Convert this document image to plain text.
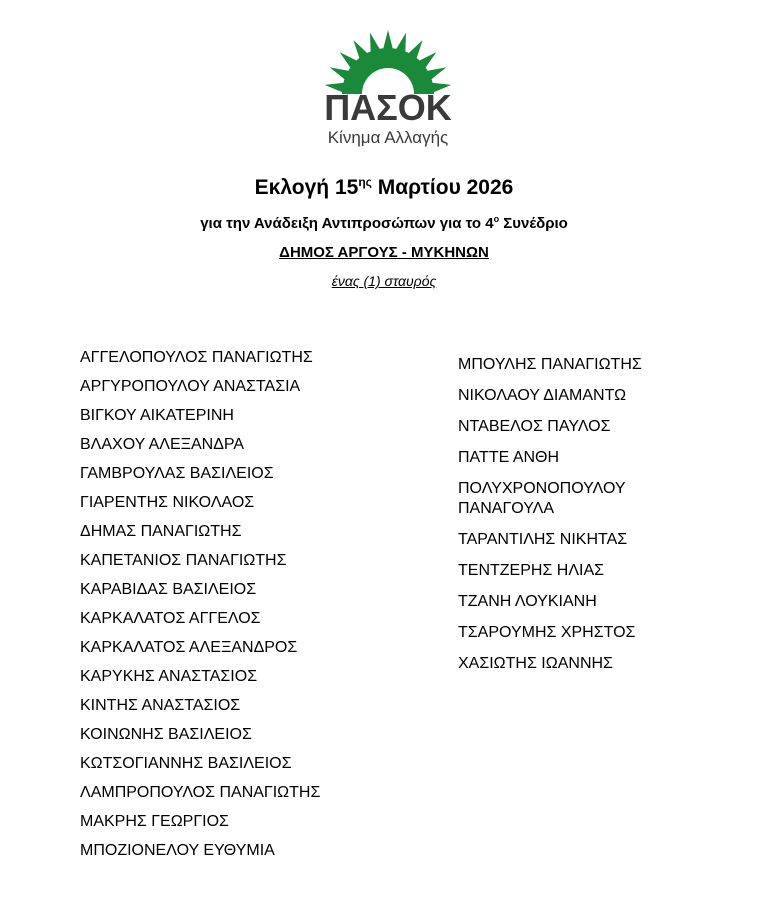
ΠΑΣΟΚ
Κίνημα Αλλαγής
Εκλογή $15^{\eta\varsigma}$ Μαρτίου 2026
για την Ανάδειξη Αντιπροσώπων για το $4^o$ Συνέδριο
ΔΗΜΟΣ ΑΡΓΟΥΣ - ΜΥΚΗΝΩΝ
ένας (1) σταυρός
ΑΓΓΕΛΟΠΟΥΛΟΣ ΠΑΝΑΓΙΩΤΗΣ
ΑΡΓΥΡΟΠΟΥΛΟΥ ΑΝΑΣΤΑΣΙΑ
ΒΙΓΚΟΥ ΑΙΚΑΤΕΡΙΝΗ
ΒΛΑΧΟΥ ΑΛΕΞΑΝΔΡΑ
ΓΑΜΒΡΟΥΛΑΣ ΒΑΣΙΛΕΙΟΣ
ΓΙΑΡΕΝΤΗΣ ΝΙΚΟΛΑΟΣ
ΔΗΜΑΣ ΠΑΝΑΓΙΩΤΗΣ
ΚΑΠΕΤΑΝΙΟΣ ΠΑΝΑΓΙΩΤΗΣ
ΚΑΡΑΒΙΔΑΣ ΒΑΣΙΛΕΙΟΣ
ΚΑΡΚΑΛΑΤΟΣ ΑΓΓΕΛΟΣ
ΚΑΡΚΑΛΑΤΟΣ ΑΛΕΞΑΝΔΡΟΣ
ΚΑΡΥΚΗΣ ΑΝΑΣΤΑΣΙΟΣ
ΚΙΝΤΗΣ ΑΝΑΣΤΑΣΙΟΣ
ΚΟΙΝΩΝΗΣ ΒΑΣΙΛΕΙΟΣ
ΚΩΤΣΟΓΙΑΝΝΗΣ ΒΑΣΙΛΕΙΟΣ
ΛΑΜΠΡΟΠΟΥΛΟΣ ΠΑΝΑΓΙΩΤΗΣ
ΜΑΚΡΗΣ ΓΕΩΡΓΙΟΣ
ΜΠΟΖΙΟΝΕΛΟΥ ΕΥΘΥΜΙΑ
ΜΠΟΥΛΗΣ ΠΑΝΑΓΙΩΤΗΣ
ΝΙΚΟΛΑΟΥ ΔΙΑΜΑΝΤΩ
ΝΤΑΒΕΛΟΣ ΠΑΥΛΟΣ
ΠΑΤΤΕ ΑΝΘΗ
ΠΟΛΥΧΡΟΝΟΠΟΥΛΟΥ ΠΑΝΑΓΟΥΛΑ
ΤΑΡΑΝΤΙΛΗΣ ΝΙΚΗΤΑΣ
ΤΕΝΤΖΕΡΗΣ ΗΛΙΑΣ
ΤΖΑΝΗ ΛΟΥΚΙΑΝΗ
ΤΣΑΡΟΥΜΗΣ ΧΡΗΣΤΟΣ
ΧΑΣΙΩΤΗΣ ΙΩΑΝΝΗΣ
